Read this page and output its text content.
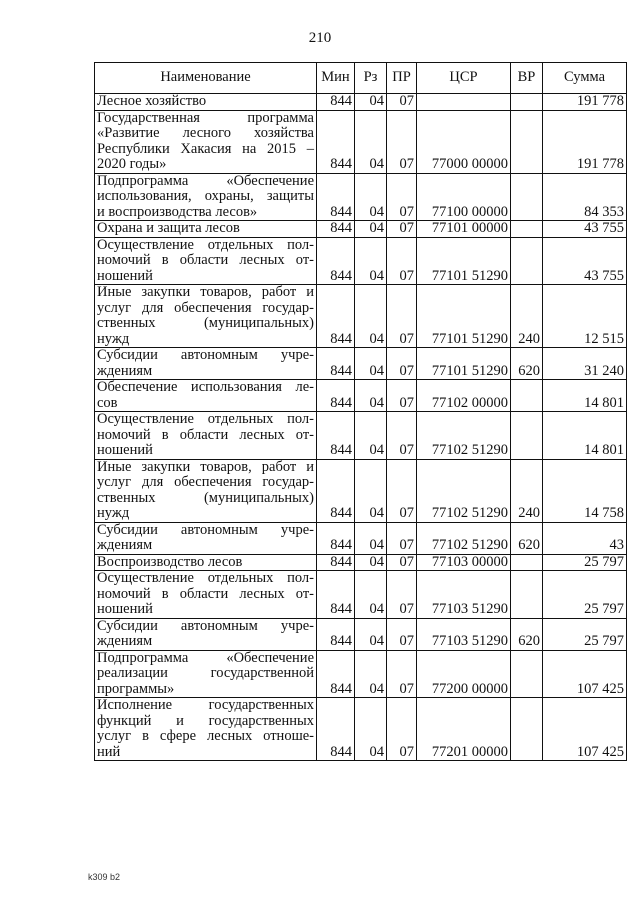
210
Наименование	Мин	Рз	ПР	ЦСР	ВР	Сумма

Лесное хозяйство	844	04	07			191 778

Государственная программа
«Развитие лесного хозяйства
Республики Хакасия на 2015 –
2020 годы»	844	04	07	77000 00000		191 778

Подпрограмма «Обеспечение
использования, охраны, защиты
и воспроизводства лесов»	844	04	07	77100 00000		84 353

Охрана и защита лесов	844	04	07	77101 00000		43 755

Осуществление отдельных пол-
номочий в области лесных от-
ношений	844	04	07	77101 51290		43 755

Иные закупки товаров, работ и
услуг для обеспечения государ-
ственных (муниципальных)
нужд	844	04	07	77101 51290	240	12 515

Субсидии автономным учре-
ждениям	844	04	07	77101 51290	620	31 240

Обеспечение использования ле-
сов	844	04	07	77102 00000		14 801

Осуществление отдельных пол-
номочий в области лесных от-
ношений	844	04	07	77102 51290		14 801

Иные закупки товаров, работ и
услуг для обеспечения государ-
ственных (муниципальных)
нужд	844	04	07	77102 51290	240	14 758

Субсидии автономным учре-
ждениям	844	04	07	77102 51290	620	43

Воспроизводство лесов	844	04	07	77103 00000		25 797

Осуществление отдельных пол-
номочий в области лесных от-
ношений	844	04	07	77103 51290		25 797

Субсидии автономным учре-
ждениям	844	04	07	77103 51290	620	25 797

Подпрограмма «Обеспечение
реализации государственной
программы»	844	04	07	77200 00000		107 425

Исполнение государственных
функций и государственных
услуг в сфере лесных отноше-
ний	844	04	07	77201 00000		107 425
k309 b2
